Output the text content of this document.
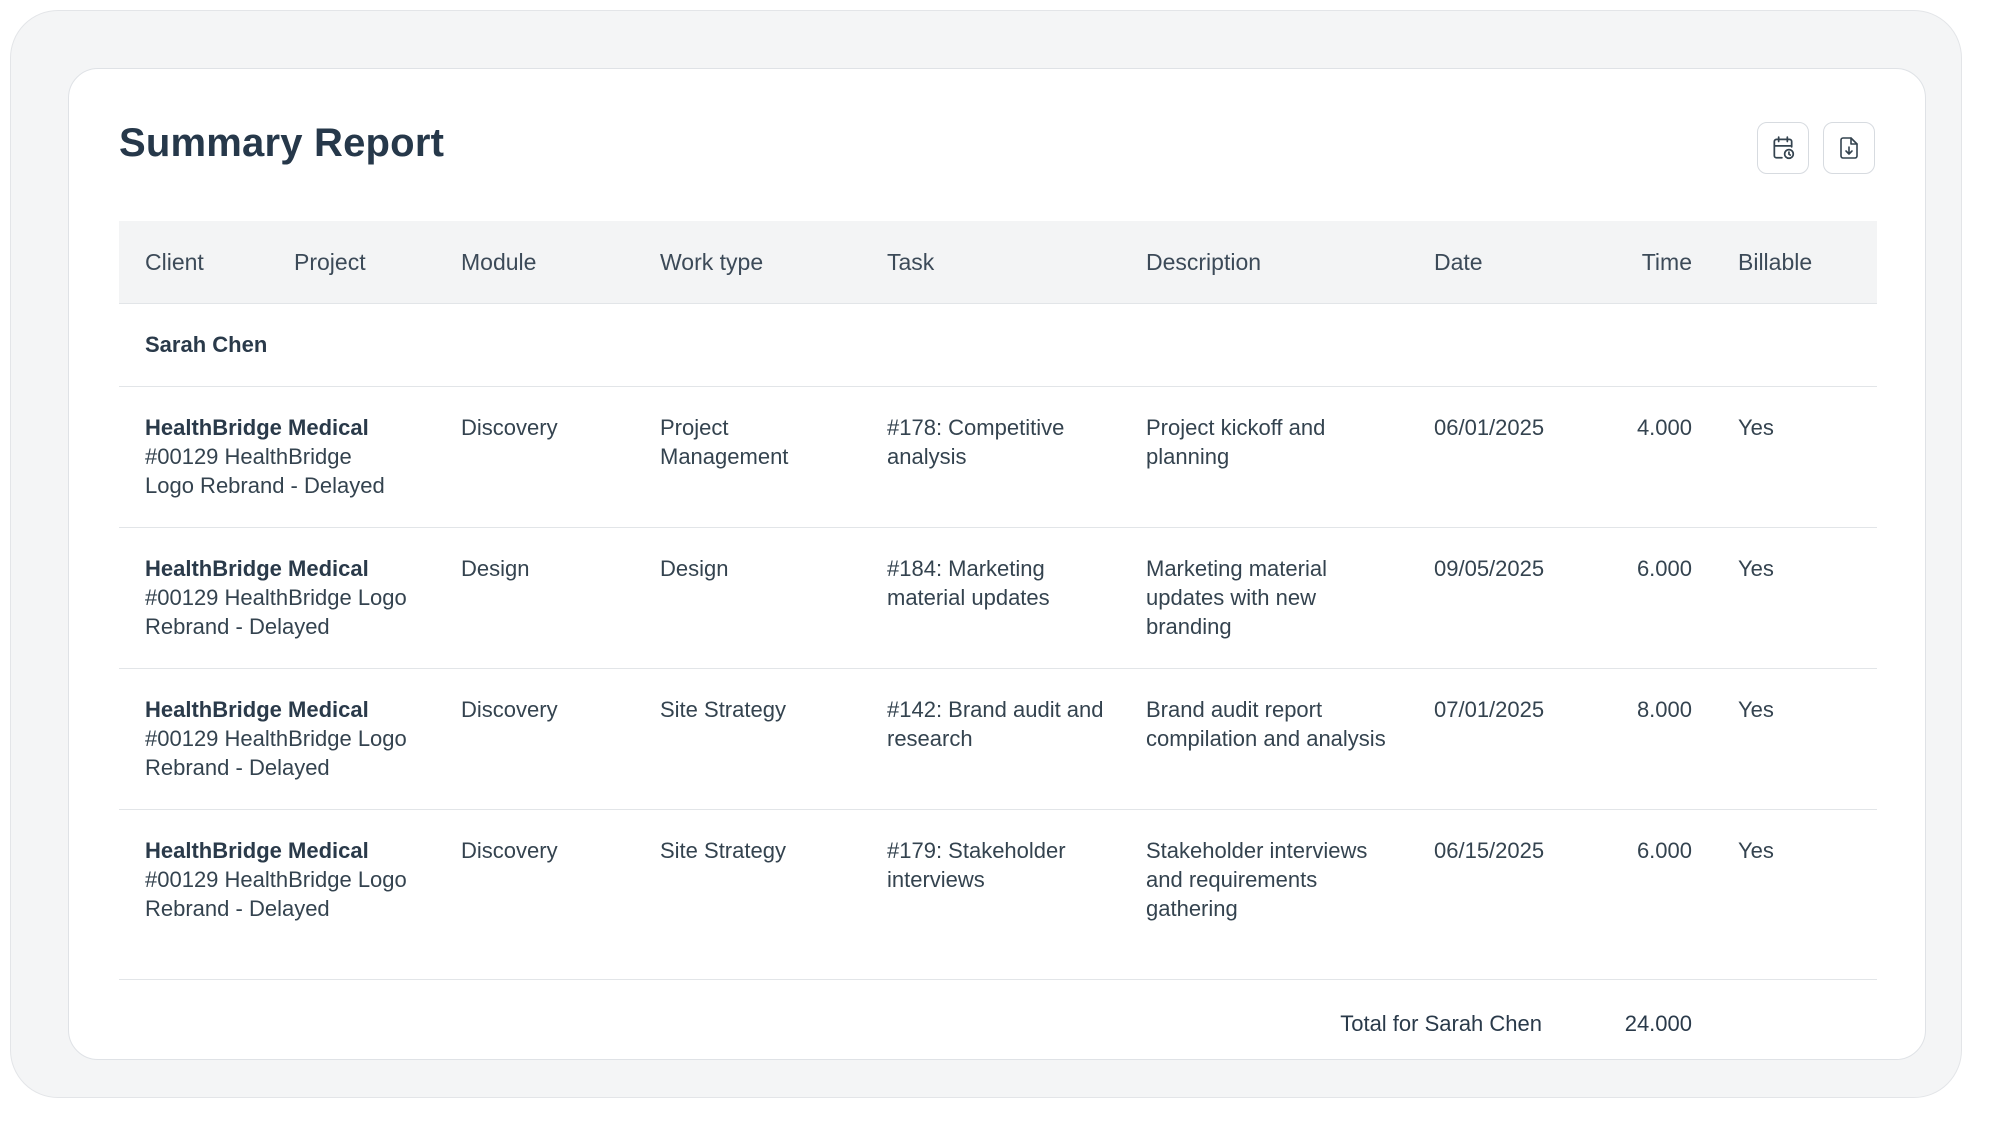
Summary Report
Client	Project	Module	Work type	Task	Description	Date	Time	Billable
Sarah Chen								

HealthBridge Medical
#00129 HealthBridge Logo Rebrand - Delayed		Discovery	Project Management	#178: Competitive analysis	Project kickoff and planning	06/01/2025	4.000	Yes

HealthBridge Medical
#00129 HealthBridge Logo Rebrand - Delayed		Design	Design	#184: Marketing material updates	Marketing material updates with new branding	09/05/2025	6.000	Yes

HealthBridge Medical
#00129 HealthBridge Logo Rebrand - Delayed		Discovery	Site Strategy	#142: Brand audit and research	Brand audit report compilation and analysis	07/01/2025	8.000	Yes

HealthBridge Medical
#00129 HealthBridge Logo Rebrand - Delayed		Discovery	Site Strategy	#179: Stakeholder interviews	Stakeholder interviews and requirements gathering	06/15/2025	6.000	Yes
Total for Sarah Chen							24.000	
